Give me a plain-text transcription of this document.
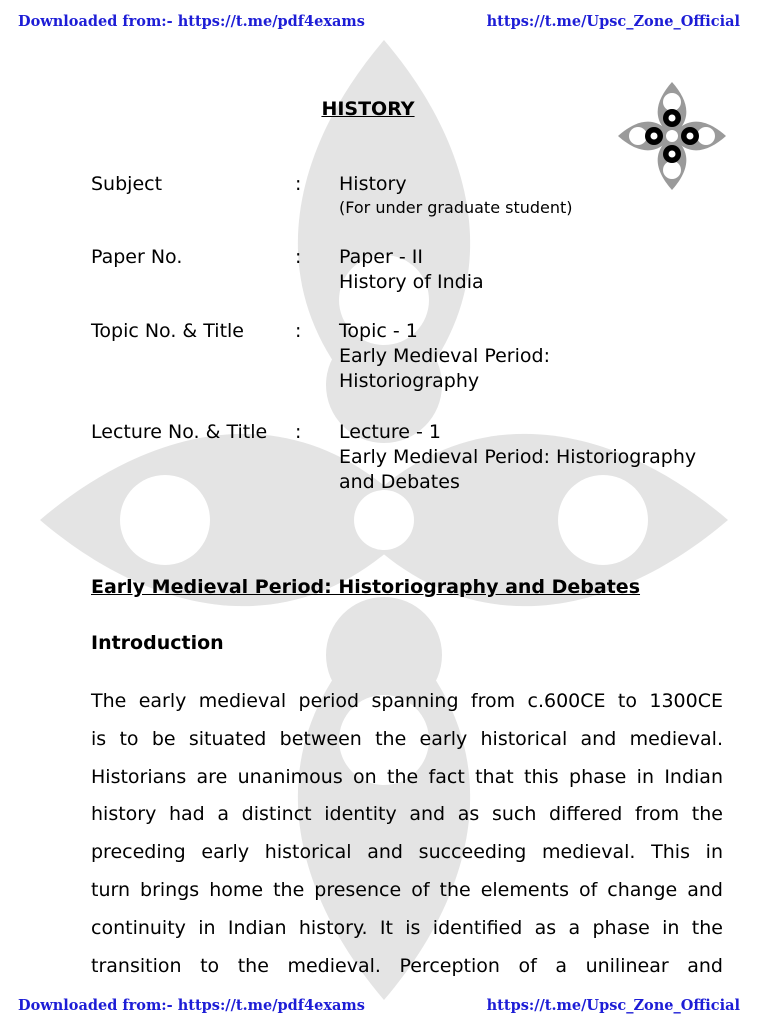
Downloaded from:- https://t.me/pdf4exams	https://t.me/Upsc_Zone_Official
HISTORY
Subject	: History
(For under graduate student)
Paper No.	: Paper - II
History of India
Topic No. & Title	: Topic - 1
Early Medieval Period:
Historiography
Lecture No. & Title : Lecture - 1
Early Medieval Period: Historiography
and Debates
Early Medieval Period: Historiography and Debates
Introduction

The early medieval period spanning from c.600CE to 1300CE
is to be situated between the early historical and medieval.
Historians are unanimous on the fact that this phase in Indian
history had a distinct identity and as such differed from the
preceding early historical and succeeding medieval. This in
turn brings home the presence of the elements of change and
continuity in Indian history. It is identified as a phase in the
transition to the medieval. Perception of a unilinear and

Downloaded from:- https://t.me/pdf4exams	https://t.me/Upsc_Zone_Official
